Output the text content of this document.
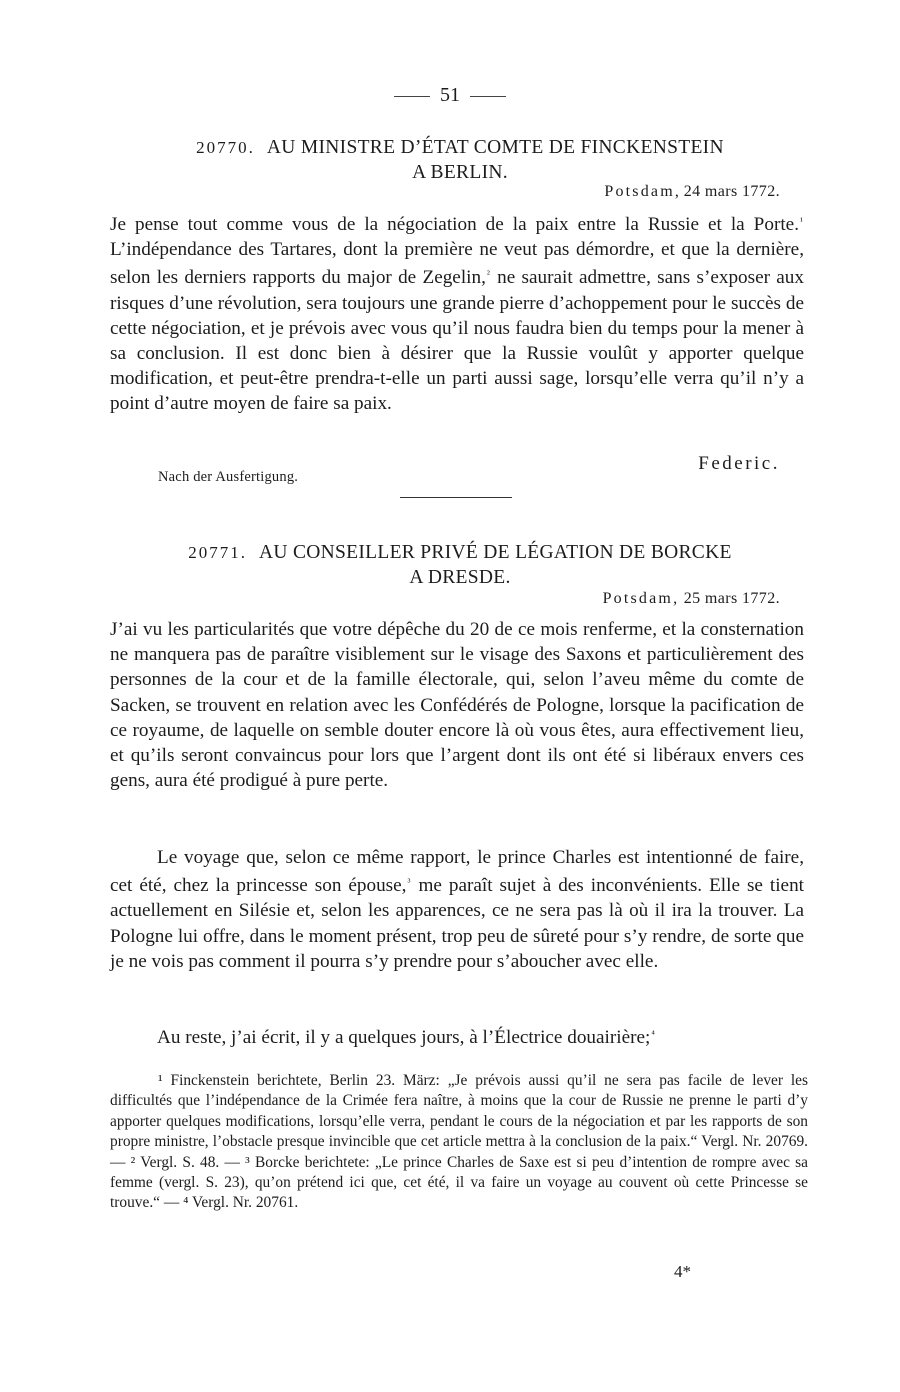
51
20770. AU MINISTRE D’ÉTAT COMTE DE FINCKENSTEIN
A BERLIN.
Potsdam, 24 mars 1772.

Je pense tout comme vous de la négociation de la paix entre la Russie et la Porte.$^{^1}$ L’indépendance des Tartares, dont la première ne veut pas démordre, et que la dernière, selon les derniers rapports du major de Zegelin,$^{^2}$ ne saurait admettre, sans s’exposer aux risques d’une révolution, sera toujours une grande pierre d’achoppement pour le succès de cette négociation, et je prévois avec vous qu’il nous faudra bien du temps pour la mener à sa conclusion. Il est donc bien à désirer que la Russie voulût y apporter quelque modification, et peut-être prendra-t-elle un parti aussi sage, lorsqu’elle verra qu’il n’y a point d’autre moyen de faire sa paix.

Federic.
Nach der Ausfertigung.
20771. AU CONSEILLER PRIVÉ DE LÉGATION DE BORCKE
A DRESDE.
Potsdam, 25 mars 1772.

J’ai vu les particularités que votre dépêche du 20 de ce mois renferme, et la consternation ne manquera pas de paraître visiblement sur le visage des Saxons et particulièrement des personnes de la cour et de la famille électorale, qui, selon l’aveu même du comte de Sacken, se trouvent en relation avec les Confédérés de Pologne, lorsque la pacification de ce royaume, de laquelle on semble douter encore là où vous êtes, aura effectivement lieu, et qu’ils seront convaincus pour lors que l’argent dont ils ont été si libéraux envers ces gens, aura été prodigué à pure perte.

Le voyage que, selon ce même rapport, le prince Charles est intentionné de faire, cet été, chez la princesse son épouse,$^{^3}$ me paraît sujet à des inconvénients. Elle se tient actuellement en Silésie et, selon les apparences, ce ne sera pas là où il ira la trouver. La Pologne lui offre, dans le moment présent, trop peu de sûreté pour s’y rendre, de sorte que je ne vois pas comment il pourra s’y prendre pour s’aboucher avec elle.

Au reste, j’ai écrit, il y a quelques jours, à l’Électrice douairière;$^{^4}$

¹ Finckenstein berichtete, Berlin 23. März: „Je prévois aussi qu’il ne sera pas facile de lever les difficultés que l’indépendance de la Crimée fera naître, à moins que la cour de Russie ne prenne le parti d’y apporter quelques modifications, lorsqu’elle verra, pendant le cours de la négociation et par les rapports de son propre ministre, l’obstacle presque invincible que cet article mettra à la conclusion de la paix.“ Vergl. Nr. 20769. — ² Vergl. S. 48. — ³ Borcke berichtete: „Le prince Charles de Saxe est si peu d’intention de rompre avec sa femme (vergl. S. 23), qu’on prétend ici que, cet été, il va faire un voyage au couvent où cette Princesse se trouve.“ — ⁴ Vergl. Nr. 20761.

4*
